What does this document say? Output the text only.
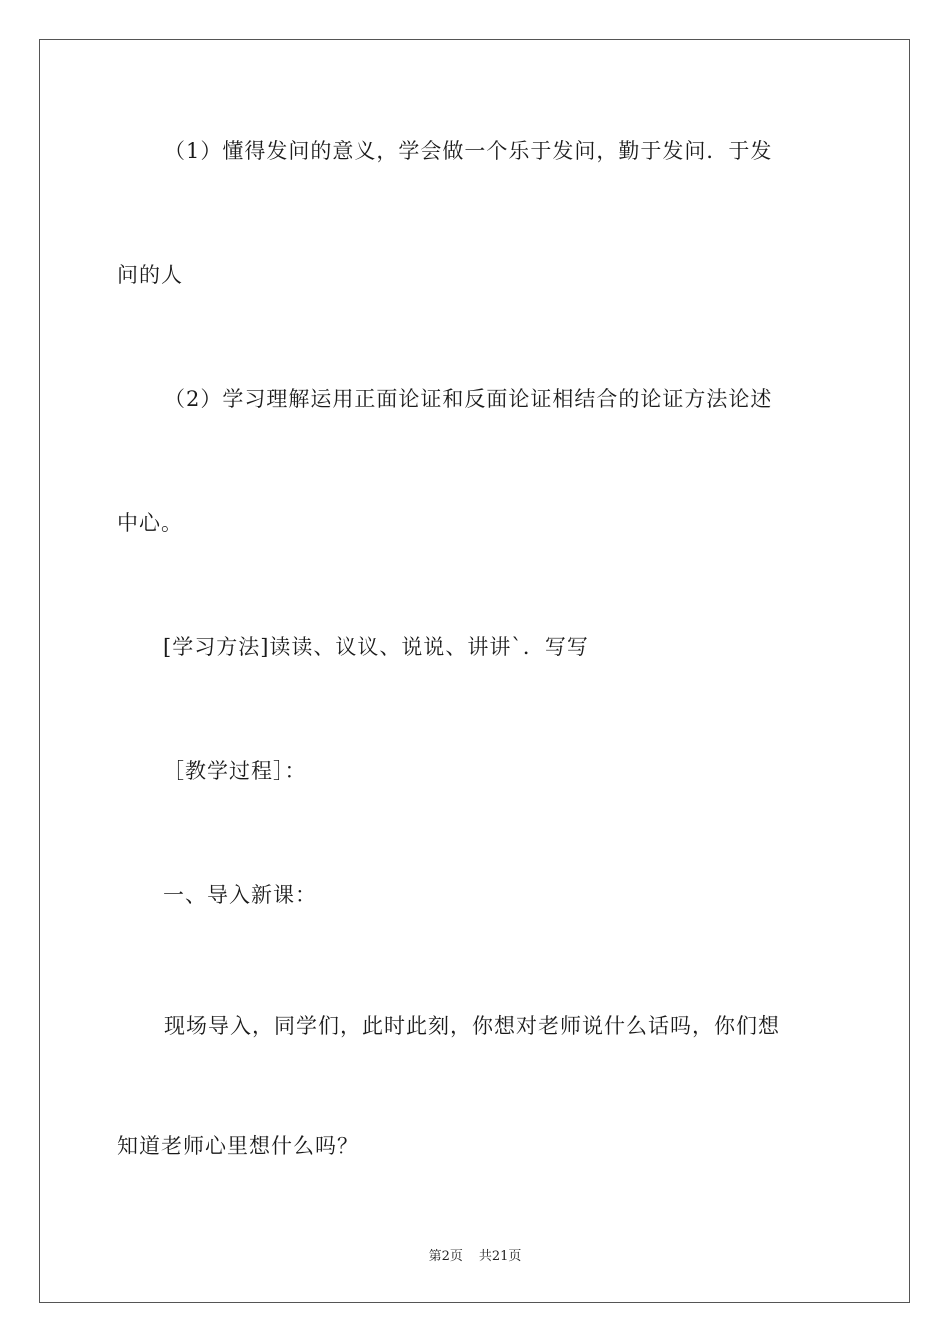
（1）懂得发问的意义，学会做一个乐于发问，勤于发问．于发
问的人
（2）学习理解运用正面论证和反面论证相结合的论证方法论述
中心。
[学习方法]读读、议议、说说、讲讲`．写写
［教学过程］：
一、导入新课：
现场导入，同学们，此时此刻，你想对老师说什么话吗，你们想
知道老师心里想什么吗？
第2页 共21页
